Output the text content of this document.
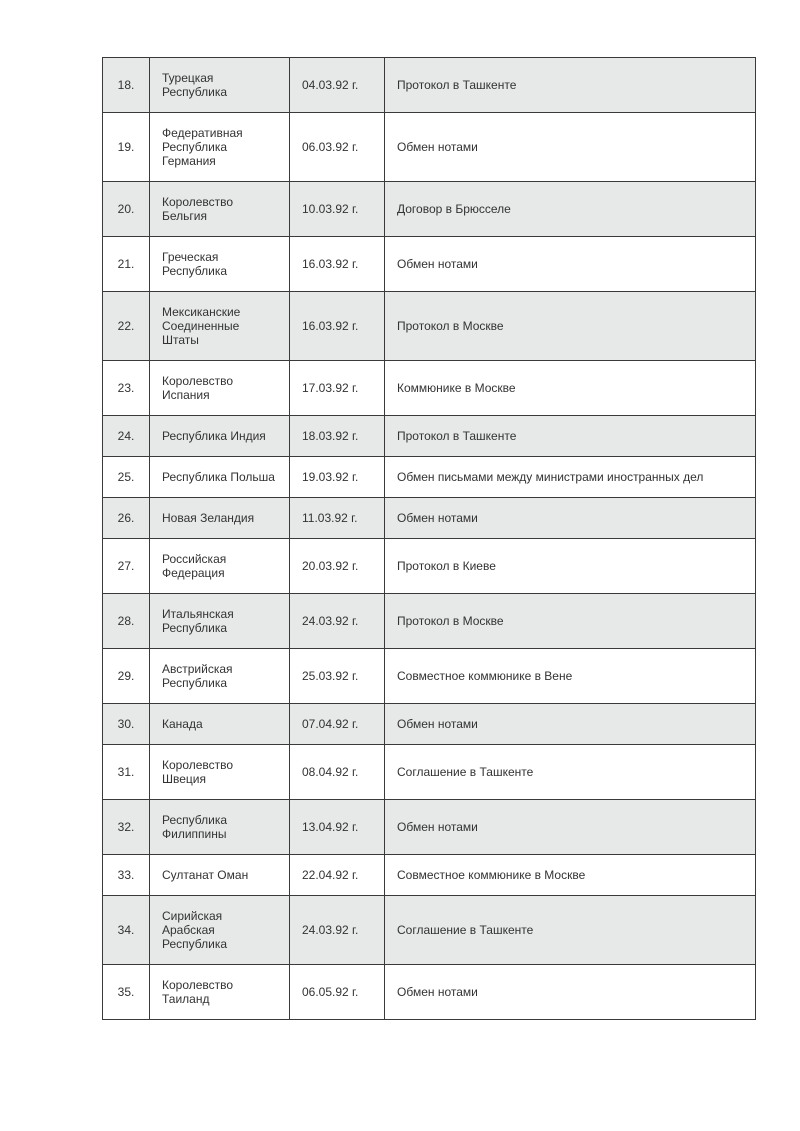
18.	Турецкая
Республика	04.03.92 г.	Протокол в Ташкенте
19.	Федеративная
Республика
Германия	06.03.92 г.	Обмен нотами
20.	Королевство
Бельгия	10.03.92 г.	Договор в Брюсселе
21.	Греческая
Республика	16.03.92 г.	Обмен нотами
22.	Мексиканские
Соединенные
Штаты	16.03.92 г.	Протокол в Москве
23.	Королевство
Испания	17.03.92 г.	Коммюнике в Москве
24.	Республика Индия	18.03.92 г.	Протокол в Ташкенте
25.	Республика Польша	19.03.92 г.	Обмен письмами между министрами иностранных дел
26.	Новая Зеландия	11.03.92 г.	Обмен нотами
27.	Российская
Федерация	20.03.92 г.	Протокол в Киеве
28.	Итальянская
Республика	24.03.92 г.	Протокол в Москве
29.	Австрийская
Республика	25.03.92 г.	Совместное коммюнике в Вене
30.	Канада	07.04.92 г.	Обмен нотами
31.	Королевство
Швеция	08.04.92 г.	Соглашение в Ташкенте
32.	Республика
Филиппины	13.04.92 г.	Обмен нотами
33.	Султанат Оман	22.04.92 г.	Совместное коммюнике в Москве
34.	Сирийская
Арабская
Республика	24.03.92 г.	Соглашение в Ташкенте
35.	Королевство
Таиланд	06.05.92 г.	Обмен нотами
